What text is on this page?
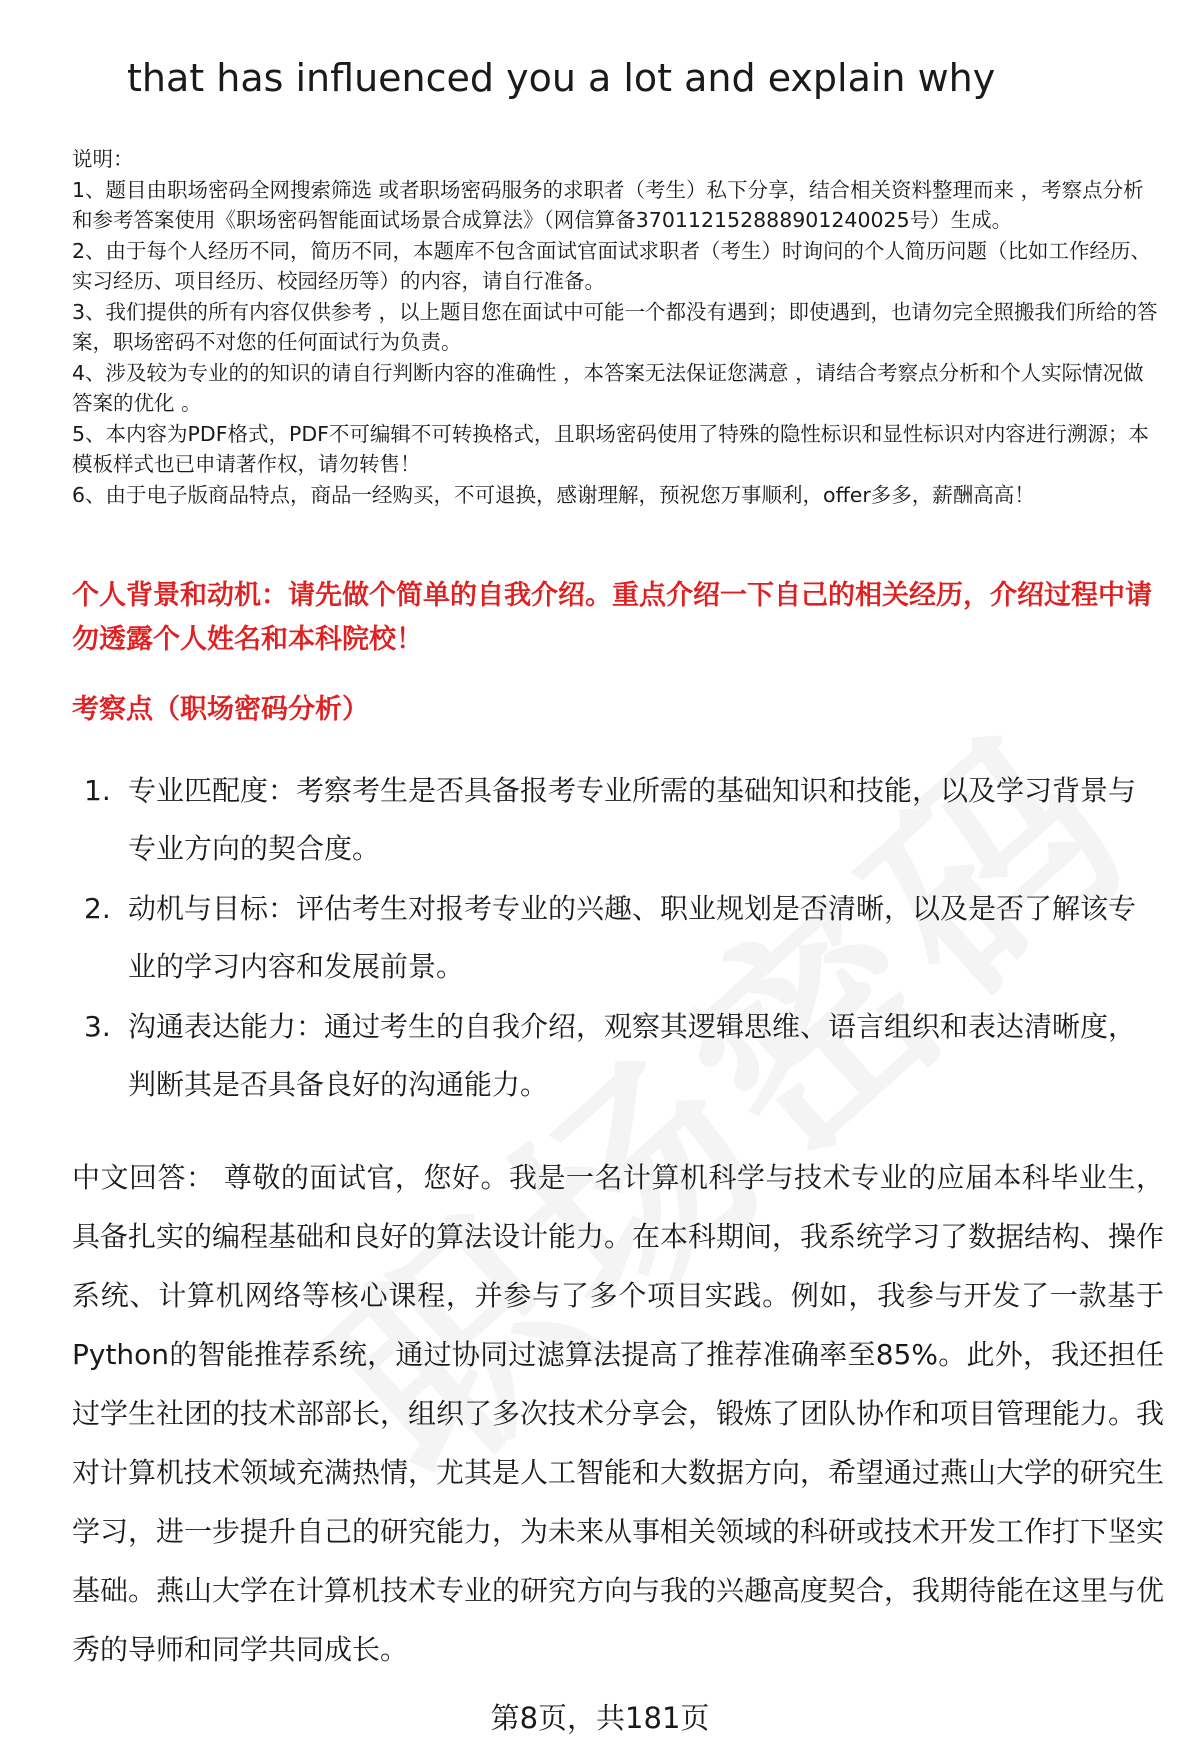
that has influenced you a lot and explain why
说明：
1、题目由职场密码全网搜索筛选 或者职场密码服务的求职者（考生）私下分享，结合相关资料整理而来 ，考察点分析和参考答案使用《职场密码智能面试场景合成算法》（网信算备370112152888901240025号）生成。
2、由于每个人经历不同，简历不同，本题库不包含面试官面试求职者（考生）时询问的个人简历问题（比如工作经历、实习经历、项目经历、校园经历等）的内容，请自行准备。
3、我们提供的所有内容仅供参考 ，以上题目您在面试中可能一个都没有遇到；即使遇到，也请勿完全照搬我们所给的答案，职场密码不对您的任何面试行为负责。
4、涉及较为专业的的知识的请自行判断内容的准确性 ，本答案无法保证您满意 ，请结合考察点分析和个人实际情况做答案的优化 。
5、本内容为PDF格式，PDF不可编辑不可转换格式，且职场密码使用了特殊的隐性标识和显性标识对内容进行溯源；本模板样式也已申请著作权，请勿转售！
6、由于电子版商品特点，商品一经购买，不可退换，感谢理解，预祝您万事顺利，offer多多，薪酬高高！
个人背景和动机：请先做个简单的自我介绍。重点介绍一下自己的相关经历，介绍过程中请勿透露个人姓名和本科院校！
考察点（职场密码分析）
1. 专业匹配度：考察考生是否具备报考专业所需的基础知识和技能，以及学习背景与专业方向的契合度。
2. 动机与目标：评估考生对报考专业的兴趣、职业规划是否清晰，以及是否了解该专业的学习内容和发展前景。
3. 沟通表达能力：通过考生的自我介绍，观察其逻辑思维、语言组织和表达清晰度，判断其是否具备良好的沟通能力。
中文回答： 尊敬的面试官，您好。我是一名计算机科学与技术专业的应届本科毕业生，具备扎实的编程基础和良好的算法设计能力。在本科期间，我系统学习了数据结构、操作系统、计算机网络等核心课程，并参与了多个项目实践。例如，我参与开发了一款基于Python的智能推荐系统，通过协同过滤算法提高了推荐准确率至85%。此外，我还担任过学生社团的技术部部长，组织了多次技术分享会，锻炼了团队协作和项目管理能力。我对计算机技术领域充满热情，尤其是人工智能和大数据方向，希望通过燕山大学的研究生学习，进一步提升自己的研究能力，为未来从事相关领域的科研或技术开发工作打下坚实基础。燕山大学在计算机技术专业的研究方向与我的兴趣高度契合，我期待能在这里与优秀的导师和同学共同成长。
第8页，共181页
